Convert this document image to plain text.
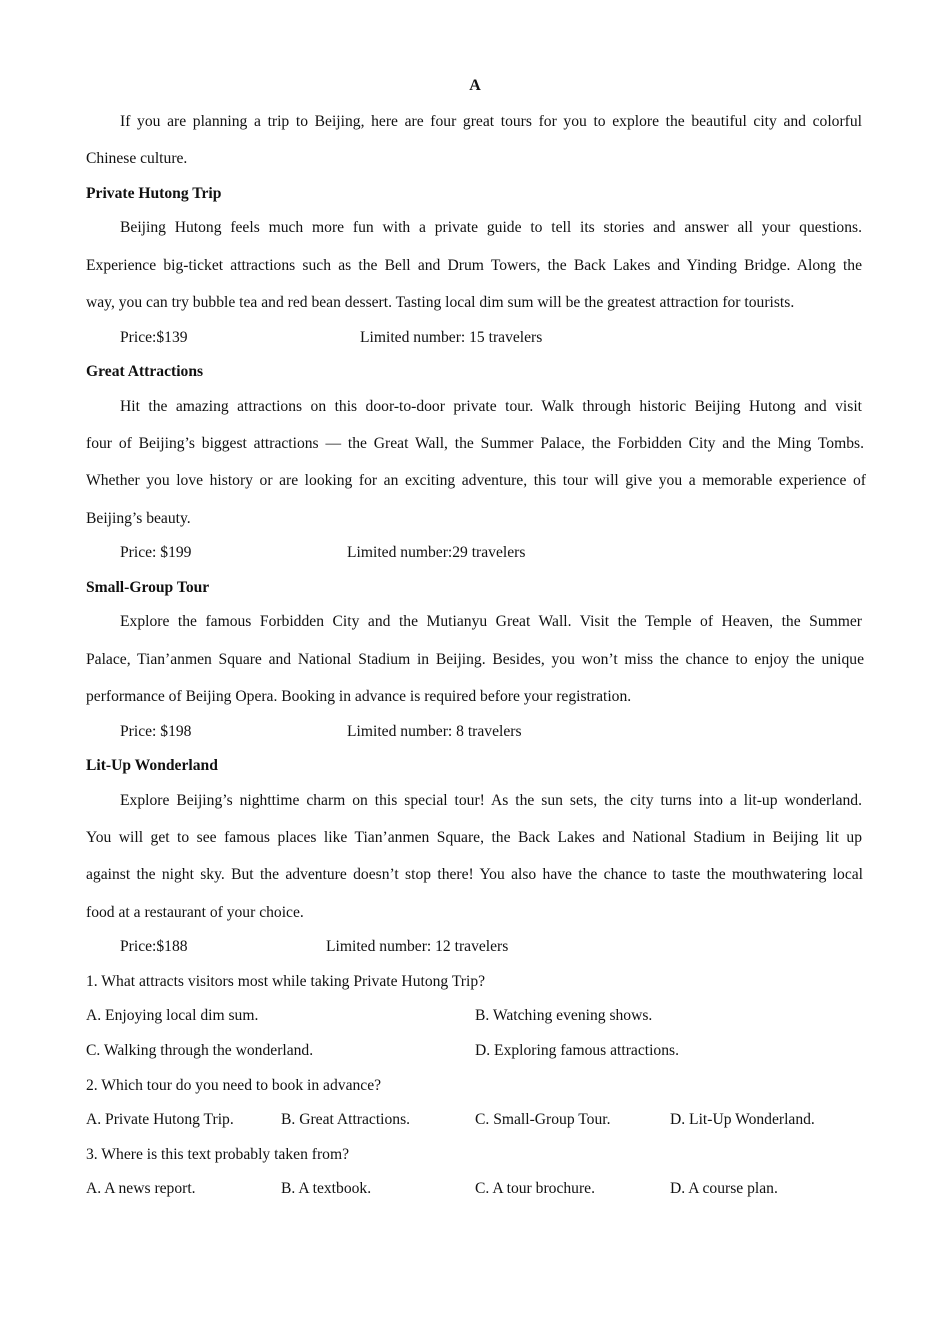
A
If you are planning a trip to Beijing, here are four great tours for you to explore the beautiful city and colorful
Chinese culture.
Private Hutong Trip
Beijing Hutong feels much more fun with a private guide to tell its stories and answer all your questions.
Experience big-ticket attractions such as the Bell and Drum Towers, the Back Lakes and Yinding Bridge. Along the
way, you can try bubble tea and red bean dessert. Tasting local dim sum will be the greatest attraction for tourists.
Price:$139	Limited number: 15 travelers
Great Attractions
Hit the amazing attractions on this door-to-door private tour. Walk through historic Beijing Hutong and visit
four of Beijing’s biggest attractions — the Great Wall, the Summer Palace, the Forbidden City and the Ming Tombs.
Whether you love history or are looking for an exciting adventure, this tour will give you a memorable experience of
Beijing’s beauty.
Price: $199	Limited number:29 travelers
Small-Group Tour
Explore the famous Forbidden City and the Mutianyu Great Wall. Visit the Temple of Heaven, the Summer
Palace, Tian’anmen Square and National Stadium in Beijing. Besides, you won’t miss the chance to enjoy the unique
performance of Beijing Opera. Booking in advance is required before your registration.
Price: $198	Limited number: 8 travelers
Lit-Up Wonderland
Explore Beijing’s nighttime charm on this special tour! As the sun sets, the city turns into a lit-up wonderland.
You will get to see famous places like Tian’anmen Square, the Back Lakes and National Stadium in Beijing lit up
against the night sky. But the adventure doesn’t stop there! You also have the chance to taste the mouthwatering local
food at a restaurant of your choice.
Price:$188	Limited number: 12 travelers
1. What attracts visitors most while taking Private Hutong Trip?
A. Enjoying local dim sum.	B. Watching evening shows.
C. Walking through the wonderland.	D. Exploring famous attractions.
2. Which tour do you need to book in advance?
A. Private Hutong Trip.	B. Great Attractions.	C. Small-Group Tour.	D. Lit-Up Wonderland.
3. Where is this text probably taken from?
A. A news report.	B. A textbook.	C. A tour brochure.	D. A course plan.
